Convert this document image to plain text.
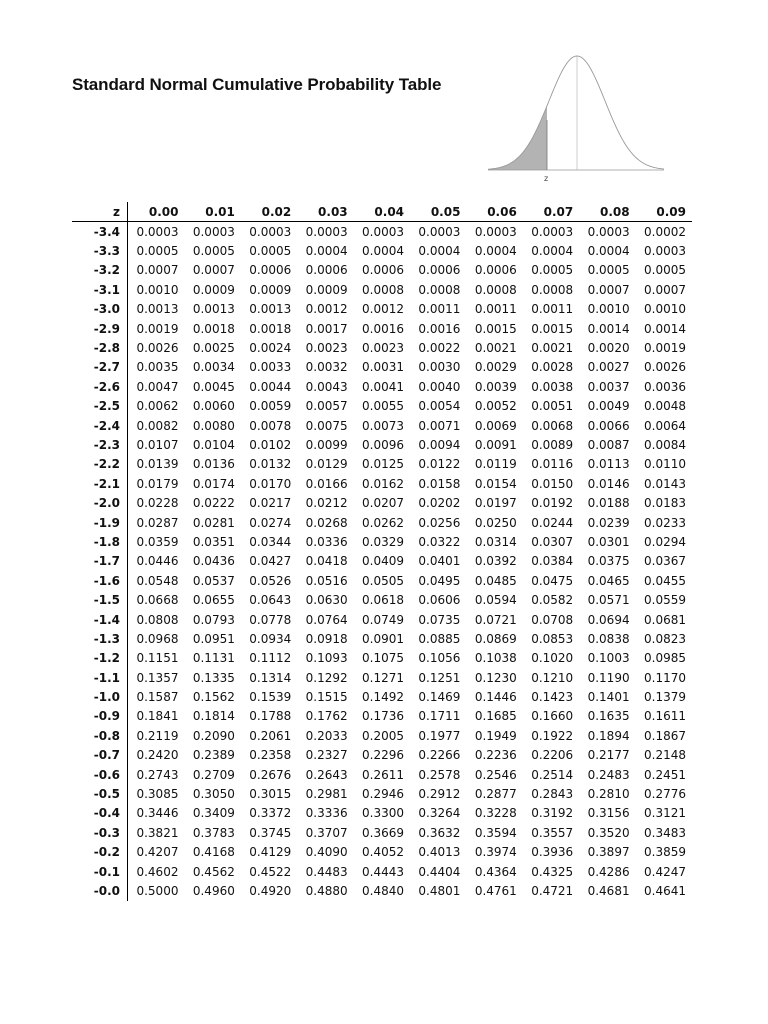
Standard Normal Cumulative Probability Table
z
z	0.00	0.01	0.02	0.03	0.04	0.05	0.06	0.07	0.08	0.09
-3.4	0.0003	0.0003	0.0003	0.0003	0.0003	0.0003	0.0003	0.0003	0.0003	0.0002
-3.3	0.0005	0.0005	0.0005	0.0004	0.0004	0.0004	0.0004	0.0004	0.0004	0.0003
-3.2	0.0007	0.0007	0.0006	0.0006	0.0006	0.0006	0.0006	0.0005	0.0005	0.0005
-3.1	0.0010	0.0009	0.0009	0.0009	0.0008	0.0008	0.0008	0.0008	0.0007	0.0007
-3.0	0.0013	0.0013	0.0013	0.0012	0.0012	0.0011	0.0011	0.0011	0.0010	0.0010
-2.9	0.0019	0.0018	0.0018	0.0017	0.0016	0.0016	0.0015	0.0015	0.0014	0.0014
-2.8	0.0026	0.0025	0.0024	0.0023	0.0023	0.0022	0.0021	0.0021	0.0020	0.0019
-2.7	0.0035	0.0034	0.0033	0.0032	0.0031	0.0030	0.0029	0.0028	0.0027	0.0026
-2.6	0.0047	0.0045	0.0044	0.0043	0.0041	0.0040	0.0039	0.0038	0.0037	0.0036
-2.5	0.0062	0.0060	0.0059	0.0057	0.0055	0.0054	0.0052	0.0051	0.0049	0.0048
-2.4	0.0082	0.0080	0.0078	0.0075	0.0073	0.0071	0.0069	0.0068	0.0066	0.0064
-2.3	0.0107	0.0104	0.0102	0.0099	0.0096	0.0094	0.0091	0.0089	0.0087	0.0084
-2.2	0.0139	0.0136	0.0132	0.0129	0.0125	0.0122	0.0119	0.0116	0.0113	0.0110
-2.1	0.0179	0.0174	0.0170	0.0166	0.0162	0.0158	0.0154	0.0150	0.0146	0.0143
-2.0	0.0228	0.0222	0.0217	0.0212	0.0207	0.0202	0.0197	0.0192	0.0188	0.0183
-1.9	0.0287	0.0281	0.0274	0.0268	0.0262	0.0256	0.0250	0.0244	0.0239	0.0233
-1.8	0.0359	0.0351	0.0344	0.0336	0.0329	0.0322	0.0314	0.0307	0.0301	0.0294
-1.7	0.0446	0.0436	0.0427	0.0418	0.0409	0.0401	0.0392	0.0384	0.0375	0.0367
-1.6	0.0548	0.0537	0.0526	0.0516	0.0505	0.0495	0.0485	0.0475	0.0465	0.0455
-1.5	0.0668	0.0655	0.0643	0.0630	0.0618	0.0606	0.0594	0.0582	0.0571	0.0559
-1.4	0.0808	0.0793	0.0778	0.0764	0.0749	0.0735	0.0721	0.0708	0.0694	0.0681
-1.3	0.0968	0.0951	0.0934	0.0918	0.0901	0.0885	0.0869	0.0853	0.0838	0.0823
-1.2	0.1151	0.1131	0.1112	0.1093	0.1075	0.1056	0.1038	0.1020	0.1003	0.0985
-1.1	0.1357	0.1335	0.1314	0.1292	0.1271	0.1251	0.1230	0.1210	0.1190	0.1170
-1.0	0.1587	0.1562	0.1539	0.1515	0.1492	0.1469	0.1446	0.1423	0.1401	0.1379
-0.9	0.1841	0.1814	0.1788	0.1762	0.1736	0.1711	0.1685	0.1660	0.1635	0.1611
-0.8	0.2119	0.2090	0.2061	0.2033	0.2005	0.1977	0.1949	0.1922	0.1894	0.1867
-0.7	0.2420	0.2389	0.2358	0.2327	0.2296	0.2266	0.2236	0.2206	0.2177	0.2148
-0.6	0.2743	0.2709	0.2676	0.2643	0.2611	0.2578	0.2546	0.2514	0.2483	0.2451
-0.5	0.3085	0.3050	0.3015	0.2981	0.2946	0.2912	0.2877	0.2843	0.2810	0.2776
-0.4	0.3446	0.3409	0.3372	0.3336	0.3300	0.3264	0.3228	0.3192	0.3156	0.3121
-0.3	0.3821	0.3783	0.3745	0.3707	0.3669	0.3632	0.3594	0.3557	0.3520	0.3483
-0.2	0.4207	0.4168	0.4129	0.4090	0.4052	0.4013	0.3974	0.3936	0.3897	0.3859
-0.1	0.4602	0.4562	0.4522	0.4483	0.4443	0.4404	0.4364	0.4325	0.4286	0.4247
-0.0	0.5000	0.4960	0.4920	0.4880	0.4840	0.4801	0.4761	0.4721	0.4681	0.4641
